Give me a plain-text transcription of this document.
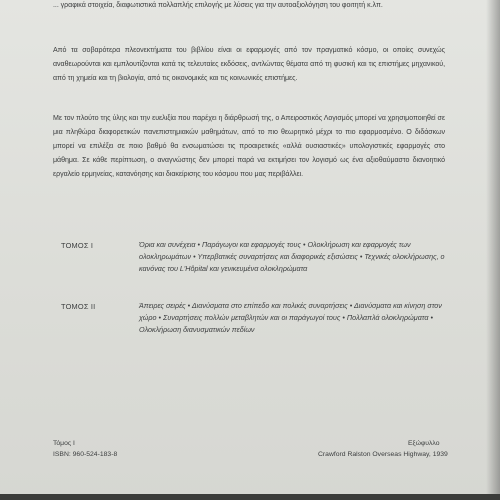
... γραφικά στοιχεία, διαφωτιστικά πολλαπλής επιλογής με λύσεις για την αυτοαξιολόγηση του φοιτητή κ.λπ.

Από τα σοβαρότερα πλεονεκτήματα του βιβλίου είναι οι εφαρμογές από τον πραγματικό κόσμο, οι οποίες συνεχώς αναθεωρούνται και εμπλουτίζονται κατά τις τελευταίες εκδόσεις, αντλώντας θέματα από τη φυσική και τις επιστήμες μηχανικού, από τη χημεία και τη βιολογία, από τις οικονομικές και τις κοινωνικές επιστήμες.

Με τον πλούτο της ύλης και την ευελιξία που παρέχει η διάρθρωσή της, ο Απειροστικός Λογισμός μπορεί να χρησιμοποιηθεί σε μια πληθώρα διαφορετικών πανεπιστημιακών μαθημάτων, από το πιο θεωρητικό μέχρι το πιο εφαρμοσμένο. Ο διδάσκων μπορεί να επιλέξει σε ποιο βαθμό θα ενσωματώσει τις προαιρετικές «αλλά ουσιαστικές» υπολογιστικές εφαρμογές στο μάθημα. Σε κάθε περίπτωση, ο αναγνώστης δεν μπορεί παρά να εκτιμήσει τον λογισμό ως ένα αξιοθαύμαστο διανοητικό εργαλείο ερμηνείας, κατανόησης και διακείρισης του κόσμου που μας περιβάλλει.

ΤΟΜΟΣ Ι	Όρια και συνέχεια • Παράγωγοι και εφαρμογές τους • Ολοκλήρωση και εφαρμογές των ολοκληρωμάτων • Υπερβατικές συναρτήσεις και διαφορικές εξισώσεις • Τεχνικές ολοκλήρωσης, ο κανόνας του L'Hôpital και γενικευμένα ολοκληρώματα

ΤΟΜΟΣ ΙΙ	Άπειρες σειρές • Διανύσματα στο επίπεδο και πολικές συναρτήσεις • Διανύσματα και κίνηση στον χώρο • Συναρτήσεις πολλών μεταβλητών και οι παράγωγοί τους • Πολλαπλά ολοκληρώματα • Ολοκλήρωση διανυσματικών πεδίων

Τόμος Ι
ISBN: 960-524-183-8
Εξώφυλλο
Crawford Ralston Overseas Highway, 1939
